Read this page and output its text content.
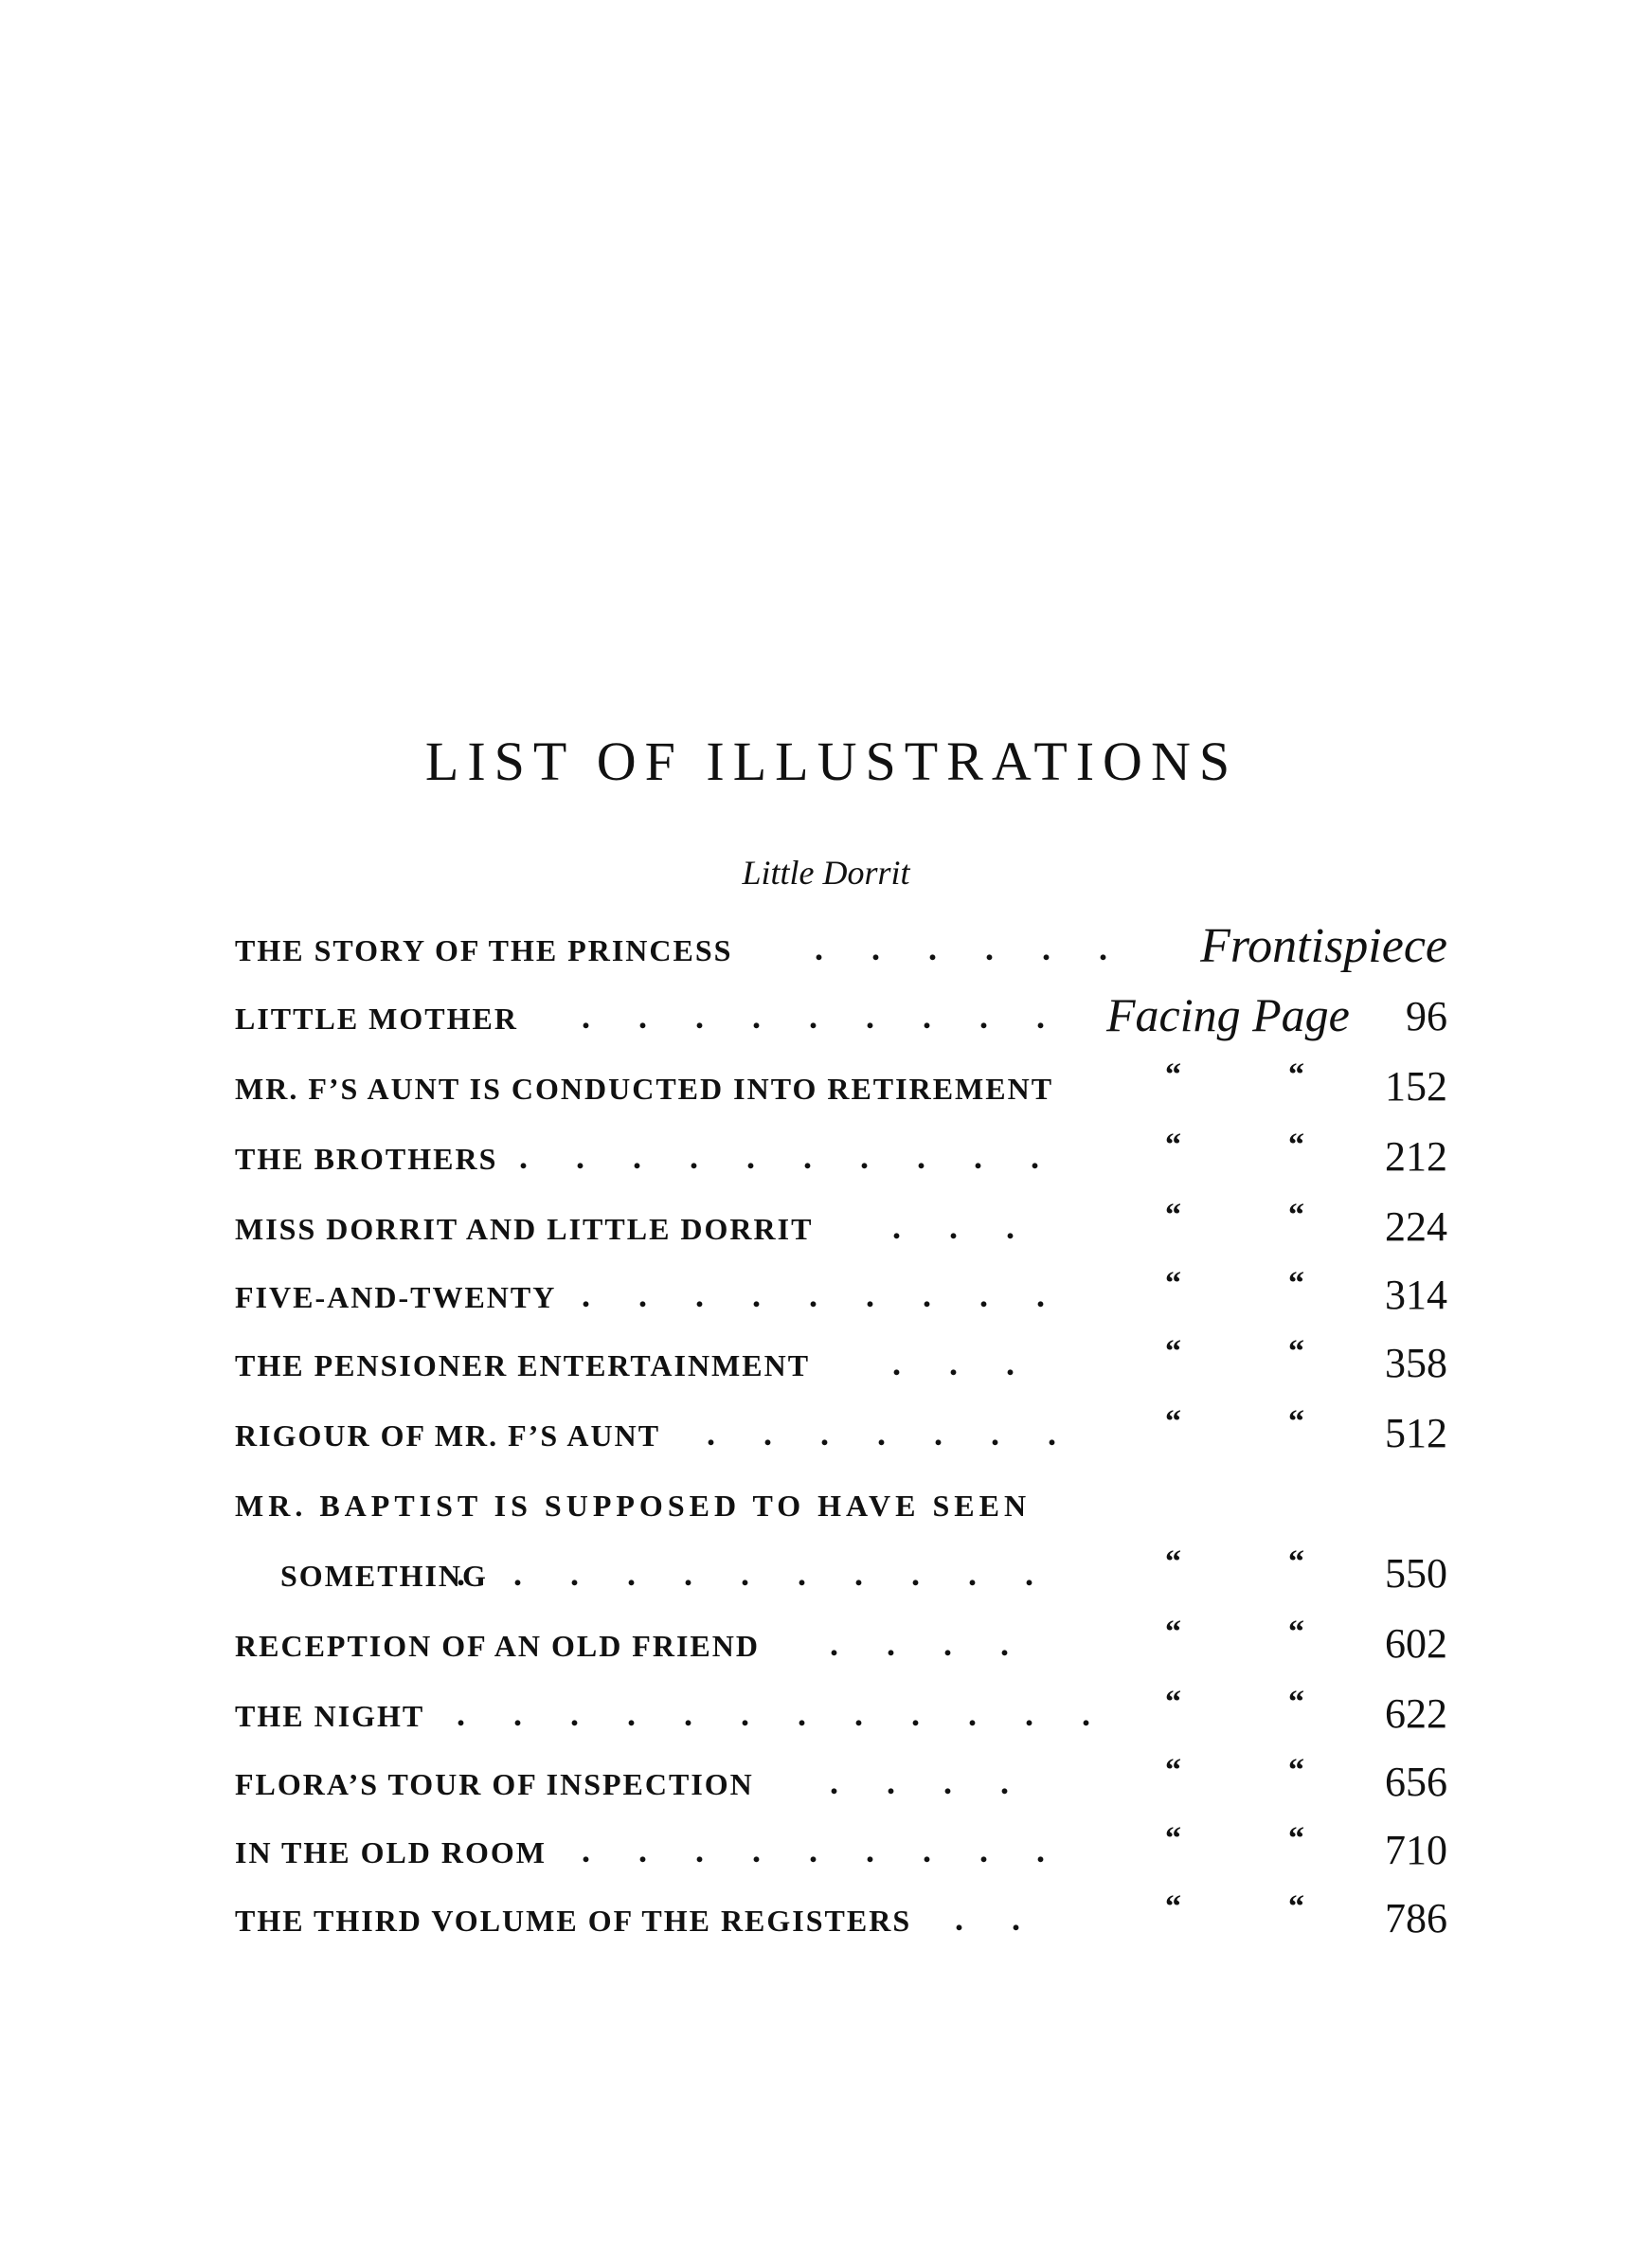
LIST OF ILLUSTRATIONS
Little Dorrit
THE STORY OF THE PRINCESS . . . . . . Frontispiece
LITTLE MOTHER . . . . . . . . . Facing Page 96
MR. F’S AUNT IS CONDUCTED INTO RETIREMENT	“	“ 152
THE BROTHERS . . . . . . . . . .	“	“ 212
MISS DORRIT AND LITTLE DORRIT . . .	“	“ 224
FIVE-AND-TWENTY . . . . . . . . .	“	“ 314
THE PENSIONER ENTERTAINMENT . . .	“	“ 358
RIGOUR OF MR. F’S AUNT . . . . . . .	“	“ 512
MR. BAPTIST IS SUPPOSED TO HAVE SEEN
SOMETHING
. . . . . . . . . . .	“	“ 550
RECEPTION OF AN OLD FRIEND . . . .	“	“ 602
THE NIGHT . . . . . . . . . . . . “	“ 622
FLORA’S TOUR OF INSPECTION . . . .	“	“ 656
IN THE OLD ROOM . . . . . . . . .	“	“ 710
THE THIRD VOLUME OF THE REGISTERS . .	“	“ 786
